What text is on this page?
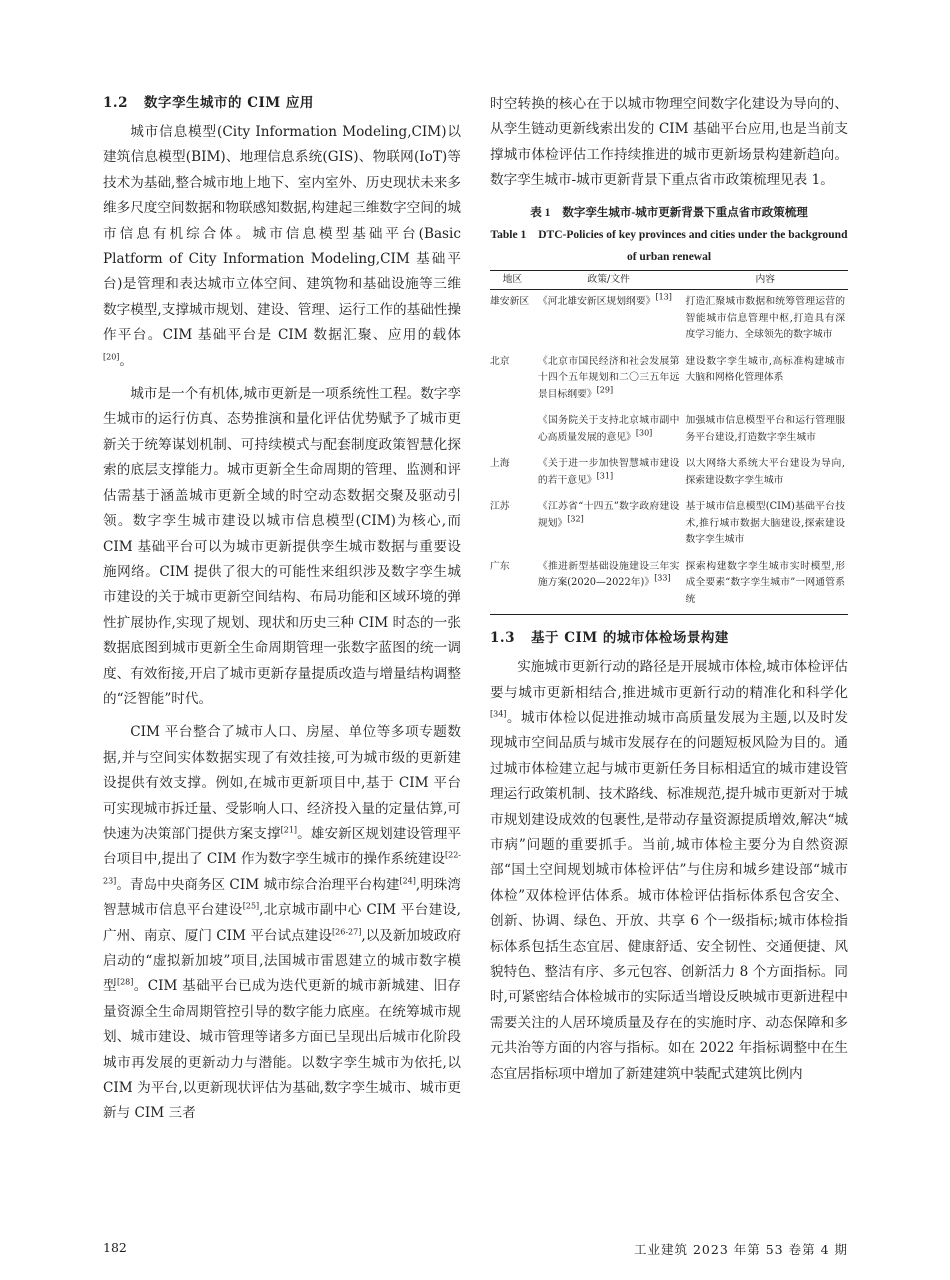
1.2 数字孪生城市的 CIM 应用

城市信息模型(City Information Modeling,CIM)以建筑信息模型(BIM)、地理信息系统(GIS)、物联网(IoT)等技术为基础,整合城市地上地下、室内室外、历史现状未来多维多尺度空间数据和物联感知数据,构建起三维数字空间的城市信息有机综合体。城市信息模型基础平台(Basic Platform of City Information Modeling,CIM 基础平台)是管理和表达城市立体空间、建筑物和基础设施等三维数字模型,支撑城市规划、建设、管理、运行工作的基础性操作平台。CIM 基础平台是 CIM 数据汇聚、应用的载体[20]。

城市是一个有机体,城市更新是一项系统性工程。数字孪生城市的运行仿真、态势推演和量化评估优势赋予了城市更新关于统筹谋划机制、可持续模式与配套制度政策智慧化探索的底层支撑能力。城市更新全生命周期的管理、监测和评估需基于涵盖城市更新全域的时空动态数据交聚及驱动引领。数字孪生城市建设以城市信息模型(CIM)为核心,而 CIM 基础平台可以为城市更新提供孪生城市数据与重要设施网络。CIM 提供了很大的可能性来组织涉及数字孪生城市建设的关于城市更新空间结构、布局功能和区域环境的弹性扩展协作,实现了规划、现状和历史三种 CIM 时态的一张数据底图到城市更新全生命周期管理一张数字蓝图的统一调度、有效衔接,开启了城市更新存量提质改造与增量结构调整的“泛智能”时代。

CIM 平台整合了城市人口、房屋、单位等多项专题数据,并与空间实体数据实现了有效挂接,可为城市级的更新建设提供有效支撑。例如,在城市更新项目中,基于 CIM 平台可实现城市拆迁量、受影响人口、经济投入量的定量估算,可快速为决策部门提供方案支撑[21]。雄安新区规划建设管理平台项目中,提出了 CIM 作为数字孪生城市的操作系统建设[22-23]。青岛中央商务区 CIM 城市综合治理平台构建[24],明珠湾智慧城市信息平台建设[25],北京城市副中心 CIM 平台建设,广州、南京、厦门 CIM 平台试点建设[26-27],以及新加坡政府启动的“虚拟新加坡”项目,法国城市雷恩建立的城市数字模型[28]。CIM 基础平台已成为迭代更新的城市新城建、旧存量资源全生命周期管控引导的数字能力底座。在统筹城市规划、城市建设、城市管理等诸多方面已呈现出后城市化阶段城市再发展的更新动力与潜能。以数字孪生城市为依托,以 CIM 为平台,以更新现状评估为基础,数字孪生城市、城市更新与 CIM 三者

时空转换的核心在于以城市物理空间数字化建设为导向的、从孪生链动更新线索出发的 CIM 基础平台应用,也是当前支撑城市体检评估工作持续推进的城市更新场景构建新趋向。数字孪生城市-城市更新背景下重点省市政策梳理见表 1。

表 1 数字孪生城市-城市更新背景下重点省市政策梳理
Table 1 DTC-Policies of key provinces and cities under the background of urban renewal
地区	政策/文件	内容
雄安新区	《河北雄安新区规划纲要》[13]	打造汇聚城市数据和统筹管理运营的智能城市信息管理中枢,打造具有深度学习能力、全球领先的数字城市
北京	《北京市国民经济和社会发展第十四个五年规划和二〇三五年远景目标纲要》[29]	建设数字孪生城市,高标准构建城市大脑和网格化管理体系
	《国务院关于支持北京城市副中心高质量发展的意见》[30]	加强城市信息模型平台和运行管理服务平台建设,打造数字孪生城市
上海	《关于进一步加快智慧城市建设的若干意见》[31]	以大网络大系统大平台建设为导向,探索建设数字孪生城市
江苏	《江苏省“十四五”数字政府建设规划》[32]	基于城市信息模型(CIM)基础平台技术,推行城市数据大脑建设,探索建设数字孪生城市
广东	《推进新型基础设施建设三年实施方案(2020—2022年)》[33]	探索构建数字孪生城市实时模型,形成全要素“数字孪生城市”一网通管系统
1.3 基于 CIM 的城市体检场景构建

实施城市更新行动的路径是开展城市体检,城市体检评估要与城市更新相结合,推进城市更新行动的精准化和科学化[34]。城市体检以促进推动城市高质量发展为主题,以及时发现城市空间品质与城市发展存在的问题短板风险为目的。通过城市体检建立起与城市更新任务目标相适宜的城市建设管理运行政策机制、技术路线、标准规范,提升城市更新对于城市规划建设成效的包裹性,是带动存量资源提质增效,解决“城市病”问题的重要抓手。当前,城市体检主要分为自然资源部“国土空间规划城市体检评估”与住房和城乡建设部“城市体检”双体检评估体系。城市体检评估指标体系包含安全、创新、协调、绿色、开放、共享 6 个一级指标;城市体检指标体系包括生态宜居、健康舒适、安全韧性、交通便捷、风貌特色、整洁有序、多元包容、创新活力 8 个方面指标。同时,可紧密结合体检城市的实际适当增设反映城市更新进程中需要关注的人居环境质量及存在的实施时序、动态保障和多元共治等方面的内容与指标。如在 2022 年指标调整中在生态宜居指标项中增加了新建建筑中装配式建筑比例内

182	工业建筑 2023 年第 53 卷第 4 期
